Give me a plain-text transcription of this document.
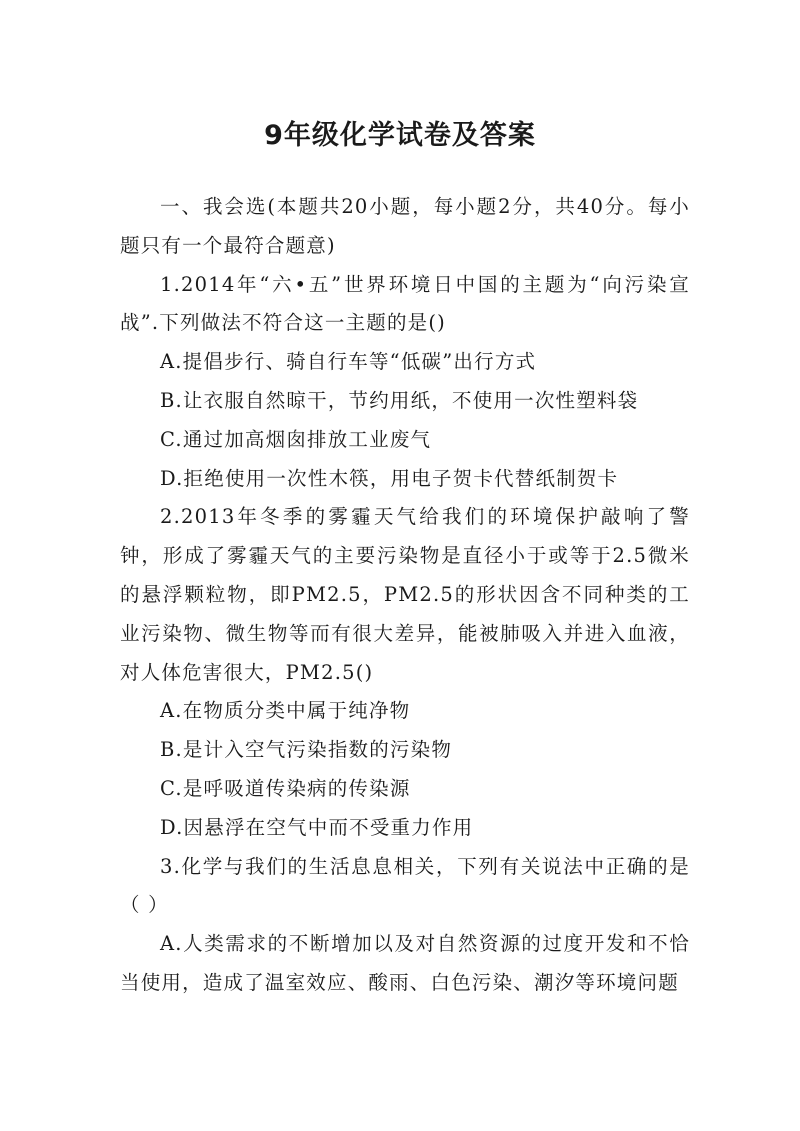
9年级化学试卷及答案

一、我会选(本题共20小题，每小题2分，共40分。每小题只有一个最符合题意)

1.2014年“六•五”世界环境日中国的主题为“向污染宣战”.下列做法不符合这一主题的是()

A.提倡步行、骑自行车等“低碳”出行方式

B.让衣服自然晾干，节约用纸，不使用一次性塑料袋

C.通过加高烟囱排放工业废气

D.拒绝使用一次性木筷，用电子贺卡代替纸制贺卡

2.2013年冬季的雾霾天气给我们的环境保护敲响了警钟，形成了雾霾天气的主要污染物是直径小于或等于2.5微米的悬浮颗粒物，即PM2.5，PM2.5的形状因含不同种类的工业污染物、微生物等而有很大差异，能被肺吸入并进入血液，对人体危害很大，PM2.5()

A.在物质分类中属于纯净物

B.是计入空气污染指数的污染物

C.是呼吸道传染病的传染源

D.因悬浮在空气中而不受重力作用

3.化学与我们的生活息息相关，下列有关说法中正确的是（ ）

A.人类需求的不断增加以及对自然资源的过度开发和不恰当使用，造成了温室效应、酸雨、白色污染、潮汐等环境问题
